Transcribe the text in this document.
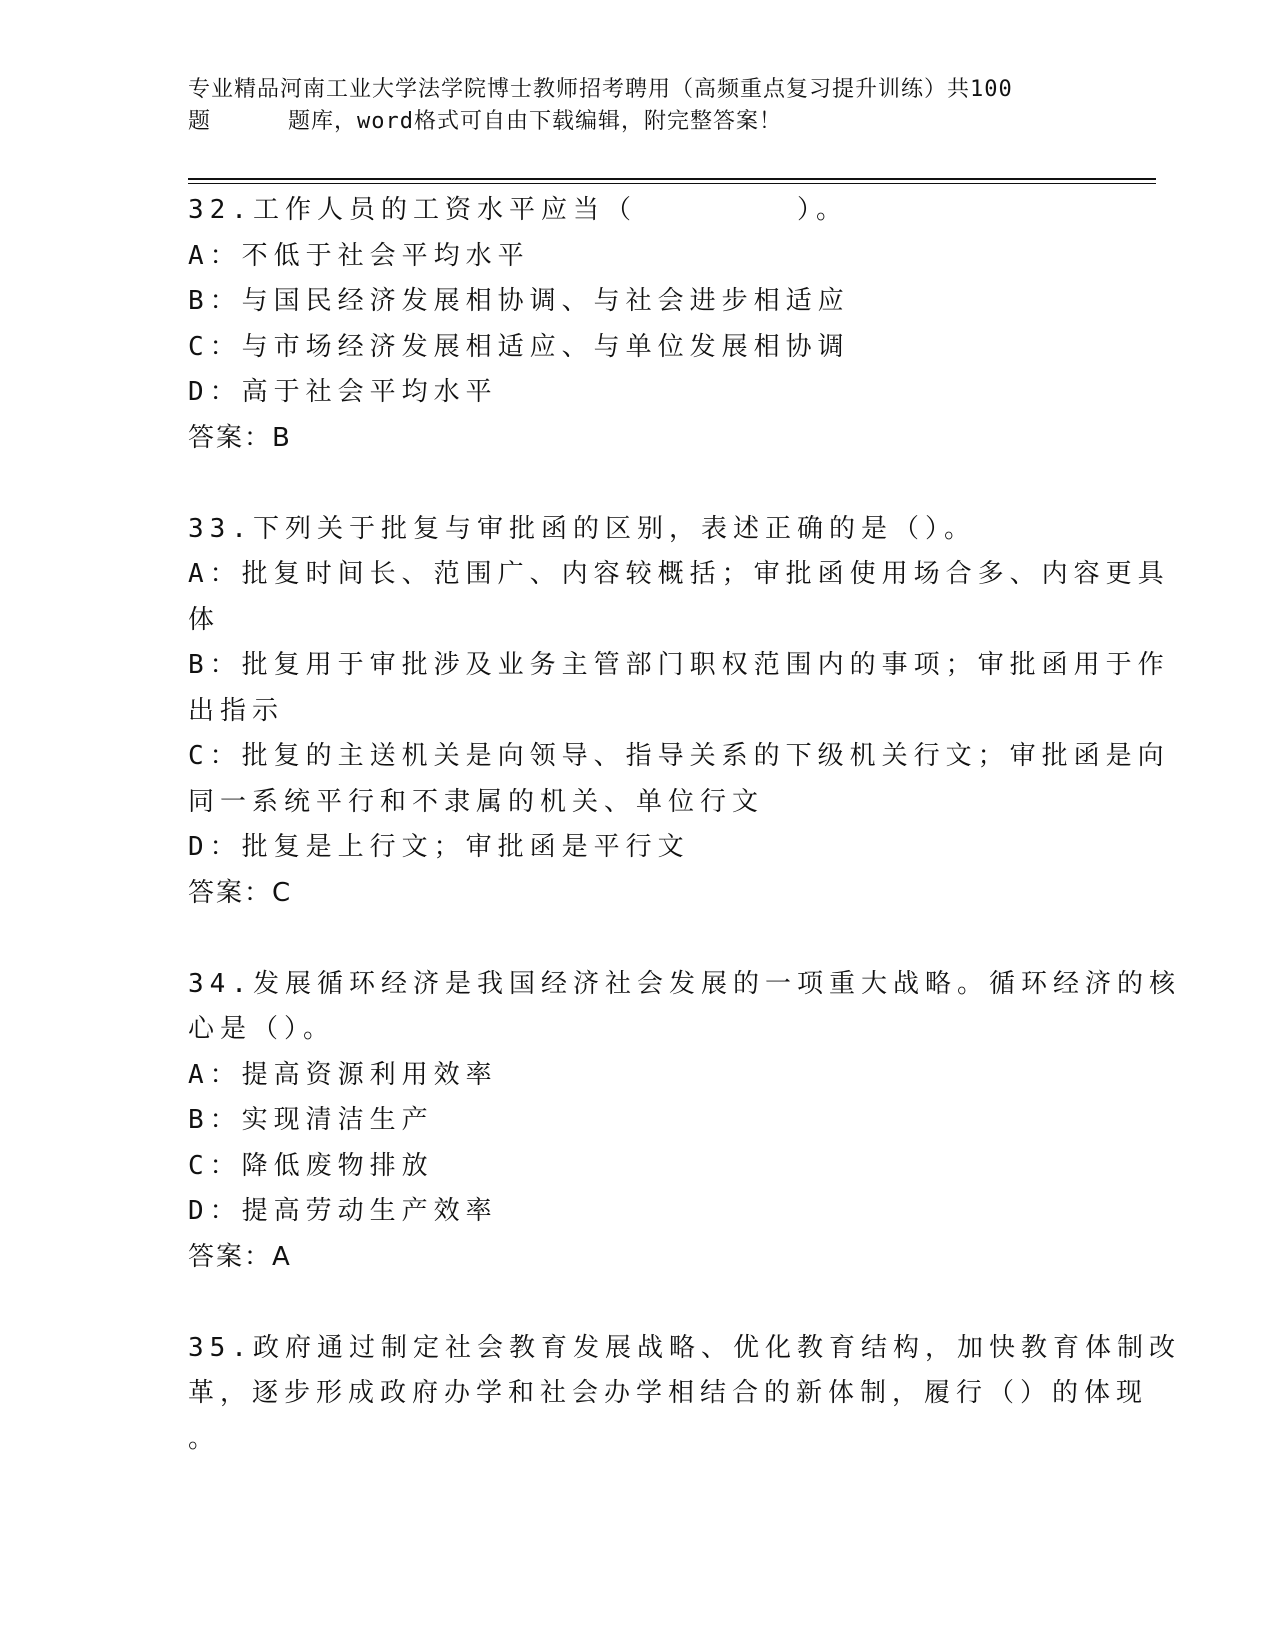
专业精品河南工业大学法学院博士教师招考聘用（高频重点复习提升训练）共100
题	题库，word格式可自由下载编辑，附完整答案！
32.工作人员的工资水平应当（　　　　　）。
A：不低于社会平均水平
B：与国民经济发展相协调、与社会进步相适应
C：与市场经济发展相适应、与单位发展相协调
D：高于社会平均水平
答案：B
33.下列关于批复与审批函的区别，表述正确的是（）。
A：批复时间长、范围广、内容较概括；审批函使用场合多、内容更具
体
B：批复用于审批涉及业务主管部门职权范围内的事项；审批函用于作
出指示
C：批复的主送机关是向领导、指导关系的下级机关行文；审批函是向
同一系统平行和不隶属的机关、单位行文
D：批复是上行文；审批函是平行文
答案：C
34.发展循环经济是我国经济社会发展的一项重大战略。循环经济的核
心是（）。
A：提高资源利用效率
B：实现清洁生产
C：降低废物排放
D：提高劳动生产效率
答案：A
35.政府通过制定社会教育发展战略、优化教育结构，加快教育体制改
革，逐步形成政府办学和社会办学相结合的新体制，履行（）的体现
。
